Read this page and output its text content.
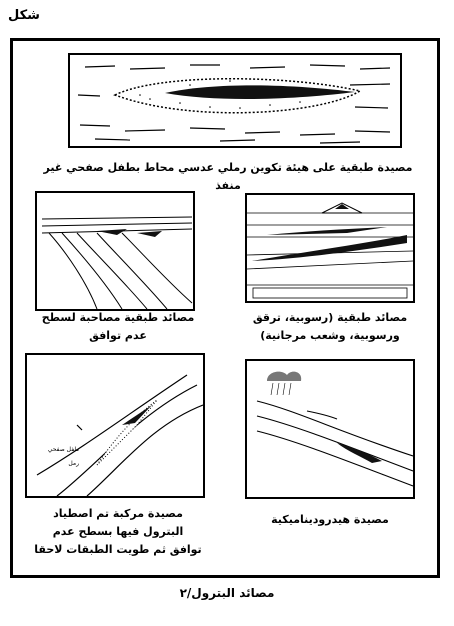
شكل
مصيدة طبقية على هيئة تكوين رملي عدسي محاط بطفل صفحي غير منفذ
مصائد طبقية مصاحبة لسطح
عدم توافق
مصائد طبقية (رسوبية، ترقق
ورسوبية، وشعب مرجانية)
طفل صفحي
رمل
مصيدة مركبة تم اصطياد
البترول فيها بسطح عدم
توافق ثم طويت الطبقات لاحقا
مصيدة هيدروديناميكية
مصائد البترول/٢
